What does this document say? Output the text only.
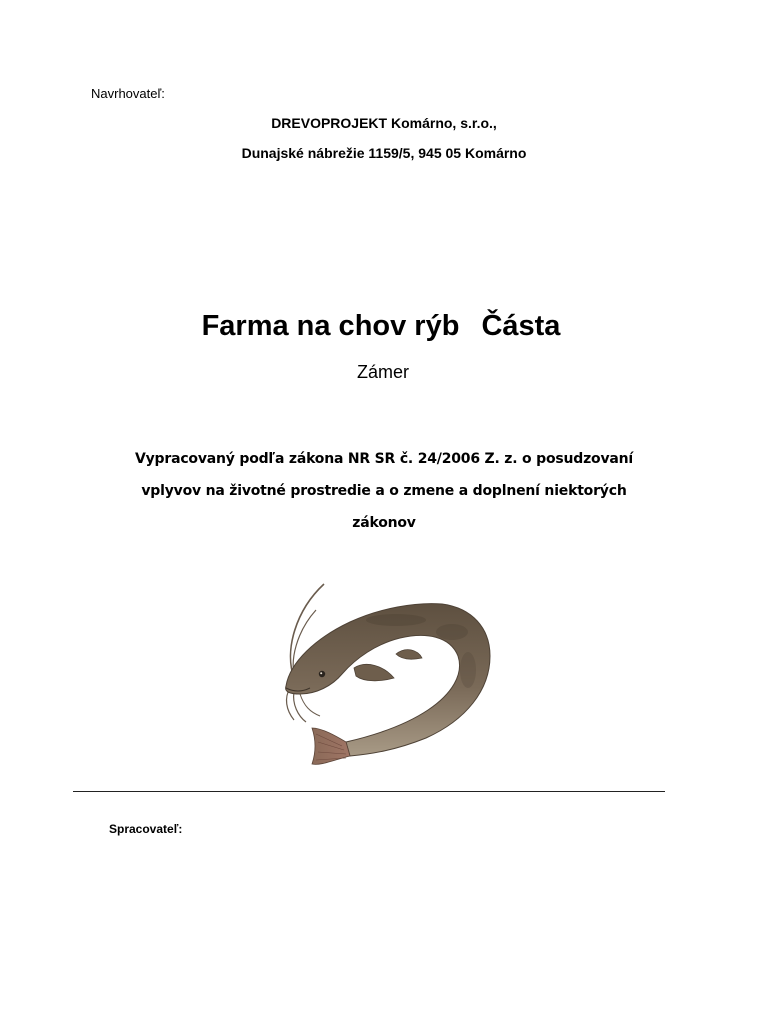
Navrhovateľ:
DREVOPROJEKT Komárno, s.r.o.,
Dunajské nábrežie 1159/5, 945 05 Komárno
Farma na chov rýb Částa
Zámer
Vypracovaný podľa zákona NR SR č. 24/2006 Z. z. o posudzovaní
vplyvov na životné prostredie a o zmene a doplnení niektorých
zákonov
Spracovateľ:
